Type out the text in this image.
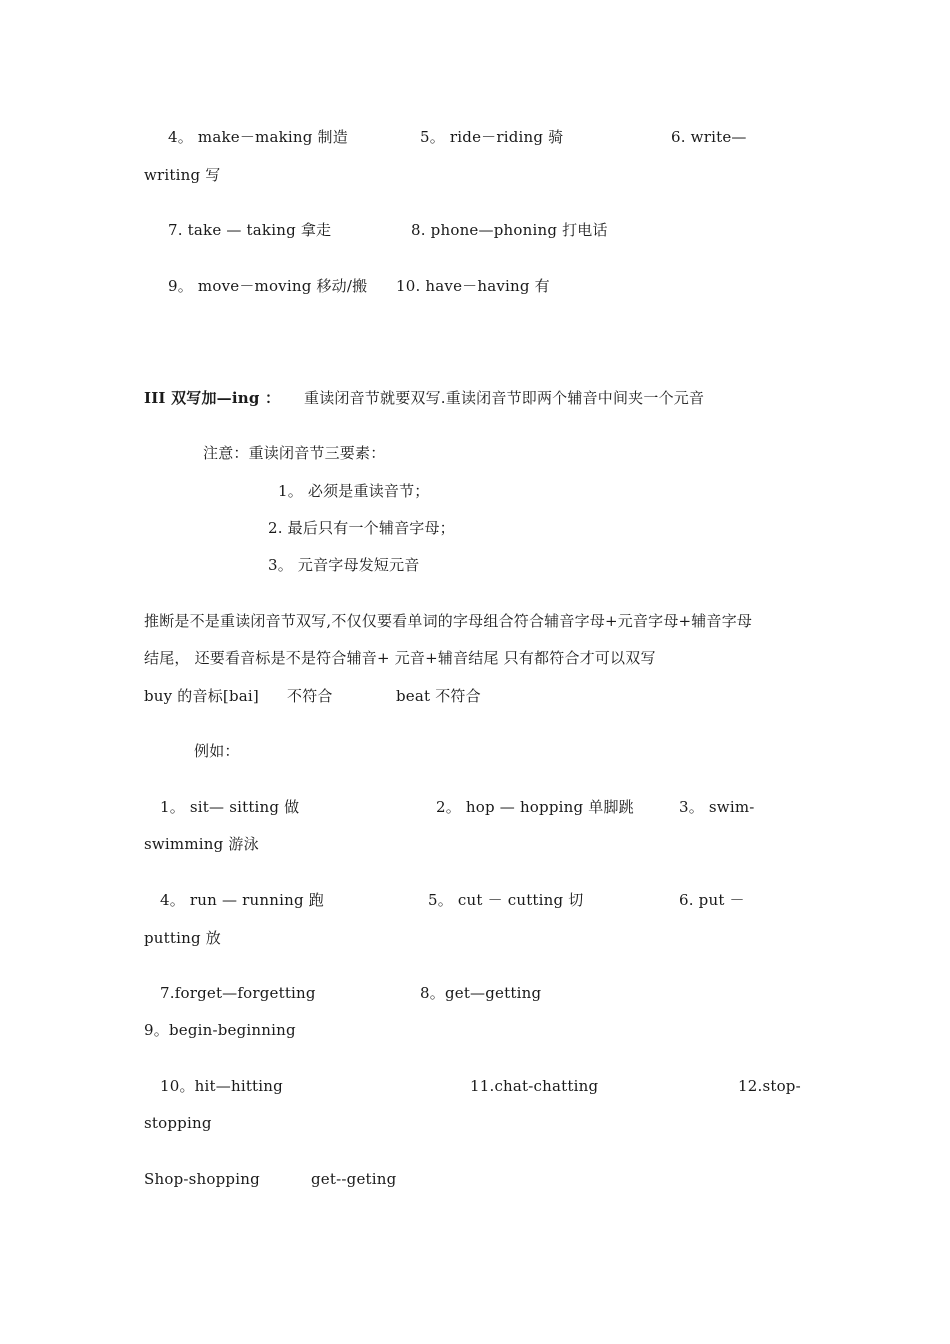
4。 make－making 制造	5。 ride－riding 骑	6. write—
writing 写
7. take — taking 拿走	8. phone—phoning 打电话
9。 move－moving 移动/搬 10. have－having 有
III 双写加—ing ： 重读闭音节就要双写.重读闭音节即两个辅音中间夹一个元音
注意：重读闭音节三要素：
1。 必须是重读音节；
2. 最后只有一个辅音字母；
3。 元音字母发短元音
推断是不是重读闭音节双写,不仅仅要看单词的字母组合符合辅音字母+元音字母+辅音字母
结尾， 还要看音标是不是符合辅音+ 元音+辅音结尾 只有都符合才可以双写
buy 的音标[bai] 不符合	beat 不符合
例如：
1。 sit— sitting 做	2。 hop — hopping 单脚跳	3。 swim-
swimming 游泳
4。 run — running 跑	5。 cut － cutting 切	6. put －
putting 放
7.forget—forgetting	8。get—getting
9。begin-beginning
10。hit—hitting	11.chat-chatting	12.stop-
stopping
Shop-shopping	get--geting
